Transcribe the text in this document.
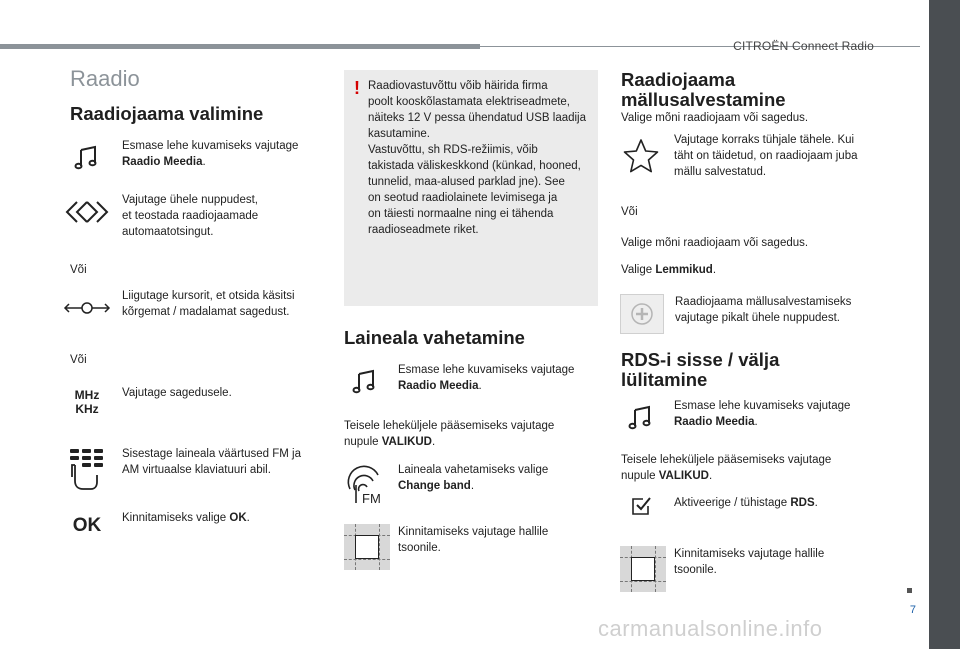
CITROËN Connect Radio
Raadio
Raadiojaama valimine
Esmase lehe kuvamiseks vajutage
Raadio Meedia.
Vajutage ühele nuppudest,
et teostada raadiojaamade
automaatotsingut.
Või
Liigutage kursorit, et otsida käsitsi
kõrgemat / madalamat sagedust.
Või
MHz
KHz
Vajutage sagedusele.
Sisestage laineala väärtused FM ja
AM virtuaalse klaviatuuri abil.
OK	Kinnitamiseks valige OK.
! Raadiovastuvõttu võib häirida firma
poolt kooskõlastamata elektriseadmete,
näiteks 12 V pessa ühendatud USB laadija
kasutamine.
Vastuvõttu, sh RDS-režiimis, võib
takistada väliskeskkond (künkad, hooned,
tunnelid, maa-alused parklad jne). See
on seotud raadiolainete levimisega ja
on täiesti normaalne ning ei tähenda
raadioseadmete riket.
Laineala vahetamine
Esmase lehe kuvamiseks vajutage
Raadio Meedia.
Teisele leheküljele pääsemiseks vajutage
nupule VALIKUD.
FM
Laineala vahetamiseks valige
Change band.
Kinnitamiseks vajutage hallile
tsoonile.
Raadiojaama
mällusalvestamine
Valige mõni raadiojaam või sagedus.
Vajutage korraks tühjale tähele. Kui
täht on täidetud, on raadiojaam juba
mällu salvestatud.
Või
Valige mõni raadiojaam või sagedus.
Valige Lemmikud.
Raadiojaama mällusalvestamiseks
vajutage pikalt ühele nuppudest.
RDS-i sisse / välja
lülitamine
Esmase lehe kuvamiseks vajutage
Raadio Meedia.
Teisele leheküljele pääsemiseks vajutage
nupule VALIKUD.
Aktiveerige / tühistage RDS.
Kinnitamiseks vajutage hallile
tsoonile.
7
carmanualsonline.info
